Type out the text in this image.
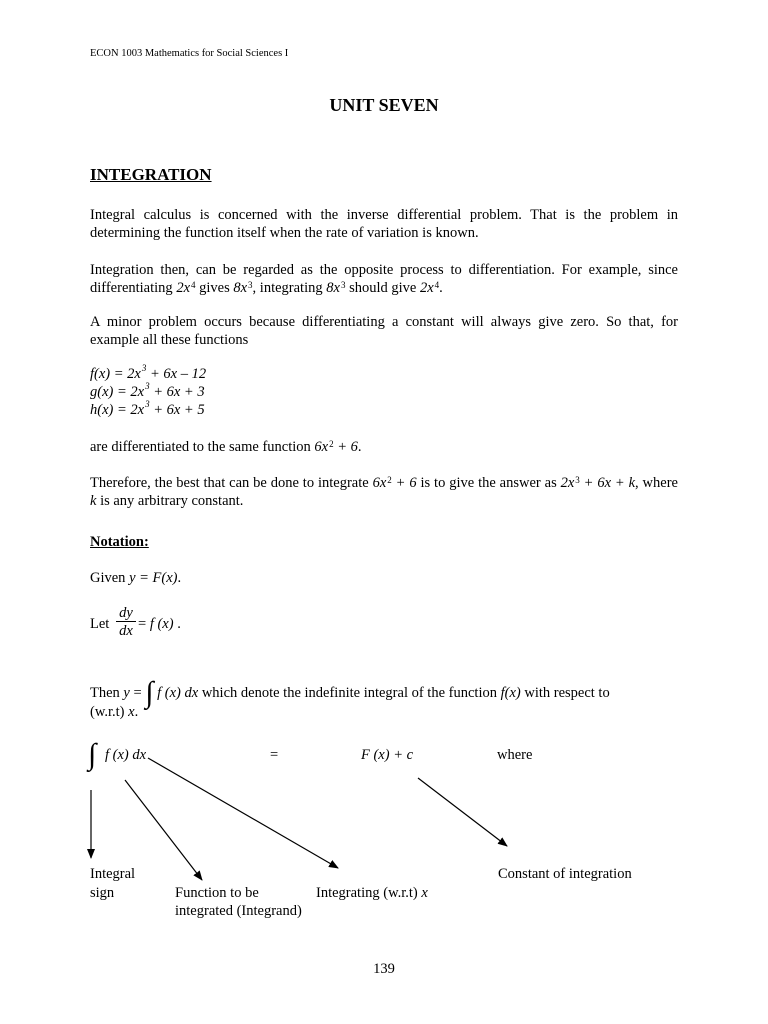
ECON 1003 Mathematics for Social Sciences I
UNIT SEVEN
INTEGRATION
Integral calculus is concerned with the inverse differential problem. That is the problem in determining the function itself when the rate of variation is known.
Integration then, can be regarded as the opposite process to differentiation. For example, since differentiating $2x^4$ gives $8x^3$, integrating $8x^3$ should give $2x^4$.
A minor problem occurs because differentiating a constant will always give zero. So that, for example all these functions
$f(x) = 2x^3 + 6x - 12$
$g(x) = 2x^3 + 6x + 3$
$h(x) = 2x^3 + 6x + 5$
are differentiated to the same function $6x^2 + 6$.
Therefore, the best that can be done to integrate $6x^2 + 6$ is to give the answer as $2x^3 + 6x + k$, where k is any arbitrary constant.
Notation:
Given y = F(x).
Let $\frac{dy}{dx} = f$ (x) .
Then y = ∫ f (x) dx which denote the indefinite integral of the function f(x) with respect to
(w.r.t) x.
∫ f (x) dx	=	F (x) + c	where
Integral
sign	Function to be
integrated (Integrand)
Integrating (w.r.t) x
Constant of integration
139
